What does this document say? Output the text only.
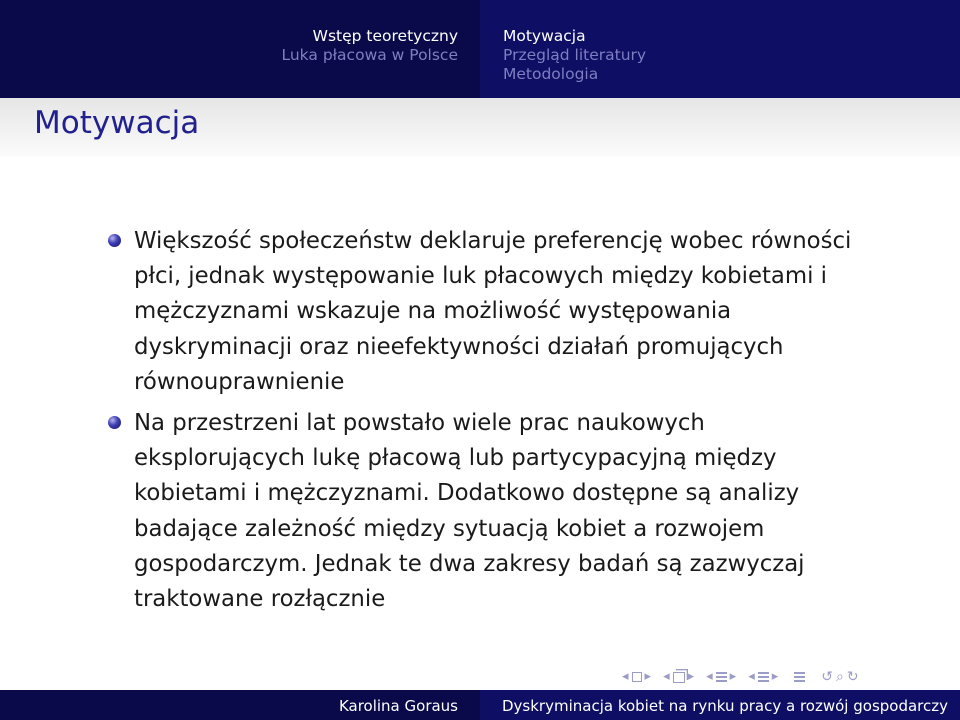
Wstęp teoretyczny
Luka płacowa w Polsce
Motywacja
Przegląd literatury
Metodologia
Motywacja
Większość społeczeństw deklaruje preferencję wobec równości
płci, jednak występowanie luk płacowych między kobietami i
mężczyznami wskazuje na możliwość występowania
dyskryminacji oraz nieefektywności działań promujących
równouprawnienie
Na przestrzeni lat powstało wiele prac naukowych
eksplorujących lukę płacową lub partycypacyjną między
kobietami i mężczyznami. Dodatkowo dostępne są analizy
badające zależność między sytuacją kobiet a rozwojem
gospodarczym. Jednak te dwa zakresy badań są zazwyczaj
traktowane rozłącznie
◂ ▸ ◂ ▸ ◂ ▸ ◂ ▸	↺ ⌕ ↻
Karolina Goraus	Dyskryminacja kobiet na rynku pracy a rozwój gospodarczy
